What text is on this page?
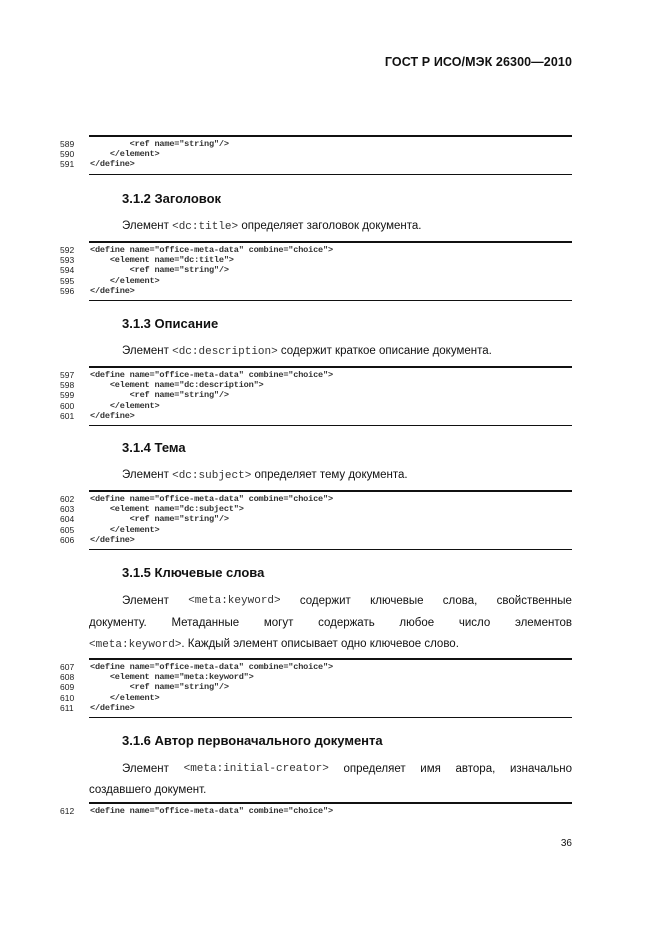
ГОСТ Р ИСО/МЭК 26300—2010
589	<ref name="string"/>
590	</element>
591	</define>
3.1.2 Заголовок
Элемент <dc:title> определяет заголовок документа.
592	<define name="office-meta-data" combine="choice">
593	<element name="dc:title">
594	<ref name="string"/>
595	</element>
596	</define>
3.1.3 Описание
Элемент <dc:description> содержит краткое описание документа.
597	<define name="office-meta-data" combine="choice">
598	<element name="dc:description">
599	<ref name="string"/>
600	</element>
601	</define>
3.1.4 Тема
Элемент <dc:subject> определяет тему документа.
602	<define name="office-meta-data" combine="choice">
603	<element name="dc:subject">
604	<ref name="string"/>
605	</element>
606	</define>
3.1.5 Ключевые слова
Элемент <meta:keyword> содержит ключевые слова, свойственные
документу. Метаданные могут содержать любое число элементов
<meta:keyword>. Каждый элемент описывает одно ключевое слово.
607	<define name="office-meta-data" combine="choice">
608	<element name="meta:keyword">
609	<ref name="string"/>
610	</element>
611	</define>
3.1.6 Автор первоначального документа
Элемент <meta:initial-creator> определяет имя автора, изначально
создавшего документ.
612	<define name="office-meta-data" combine="choice">
36
